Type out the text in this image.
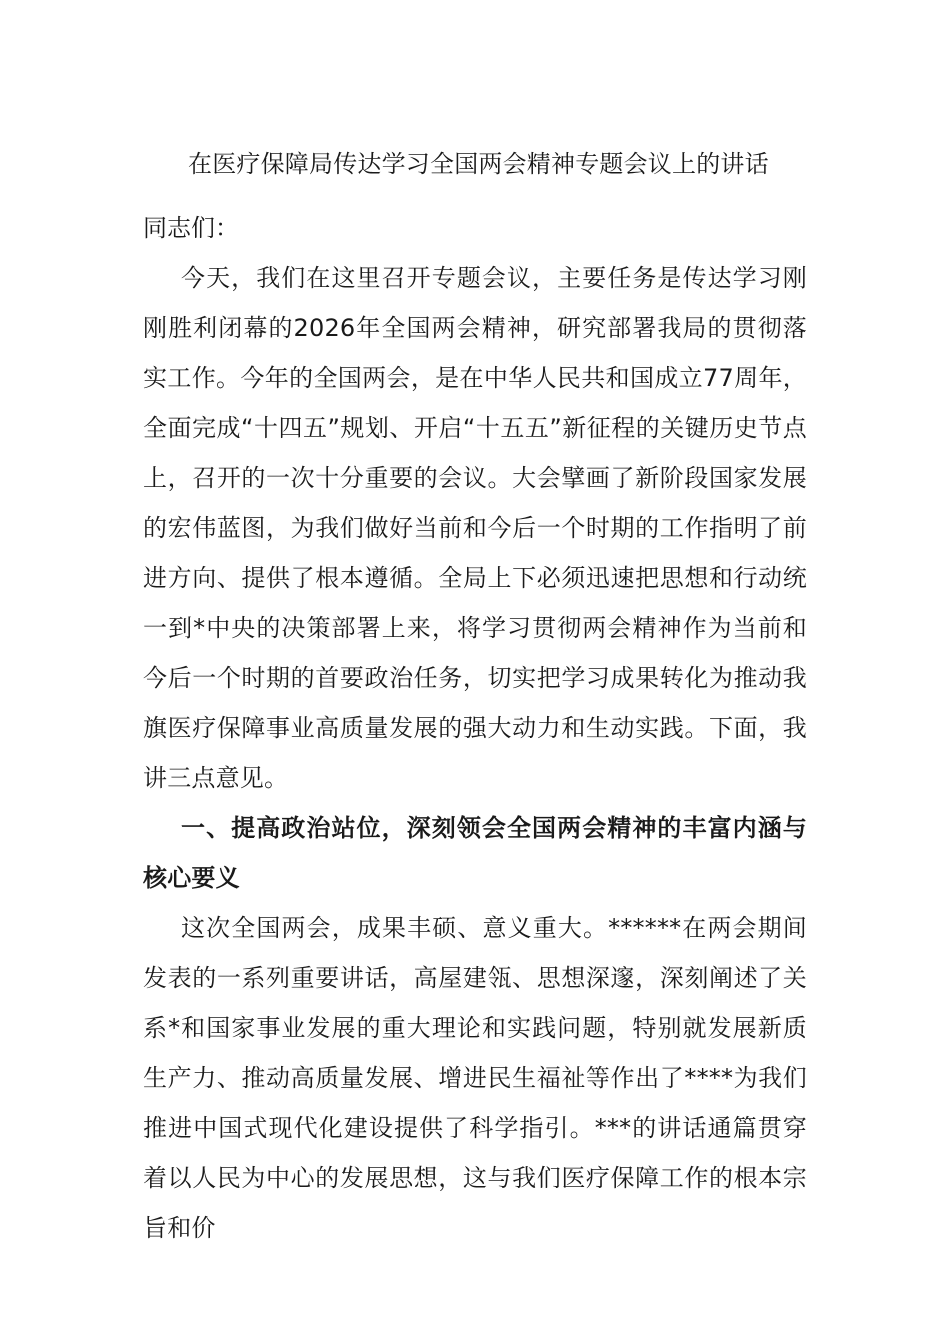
在医疗保障局传达学习全国两会精神专题会议上的讲话

同志们：

今天，我们在这里召开专题会议，主要任务是传达学习刚刚胜利闭幕的2026年全国两会精神，研究部署我局的贯彻落实工作。今年的全国两会，是在中华人民共和国成立77周年，全面完成“十四五”规划、开启“十五五”新征程的关键历史节点上，召开的一次十分重要的会议。大会擘画了新阶段国家发展的宏伟蓝图，为我们做好当前和今后一个时期的工作指明了前进方向、提供了根本遵循。全局上下必须迅速把思想和行动统一到*中央的决策部署上来，将学习贯彻两会精神作为当前和今后一个时期的首要政治任务，切实把学习成果转化为推动我旗医疗保障事业高质量发展的强大动力和生动实践。下面，我讲三点意见。

一、提高政治站位，深刻领会全国两会精神的丰富内涵与核心要义

这次全国两会，成果丰硕、意义重大。******在两会期间发表的一系列重要讲话，高屋建瓴、思想深邃，深刻阐述了关系*和国家事业发展的重大理论和实践问题，特别就发展新质生产力、推动高质量发展、增进民生福祉等作出了****为我们推进中国式现代化建设提供了科学指引。***的讲话通篇贯穿着以人民为中心的发展思想，这与我们医疗保障工作的根本宗旨和价
